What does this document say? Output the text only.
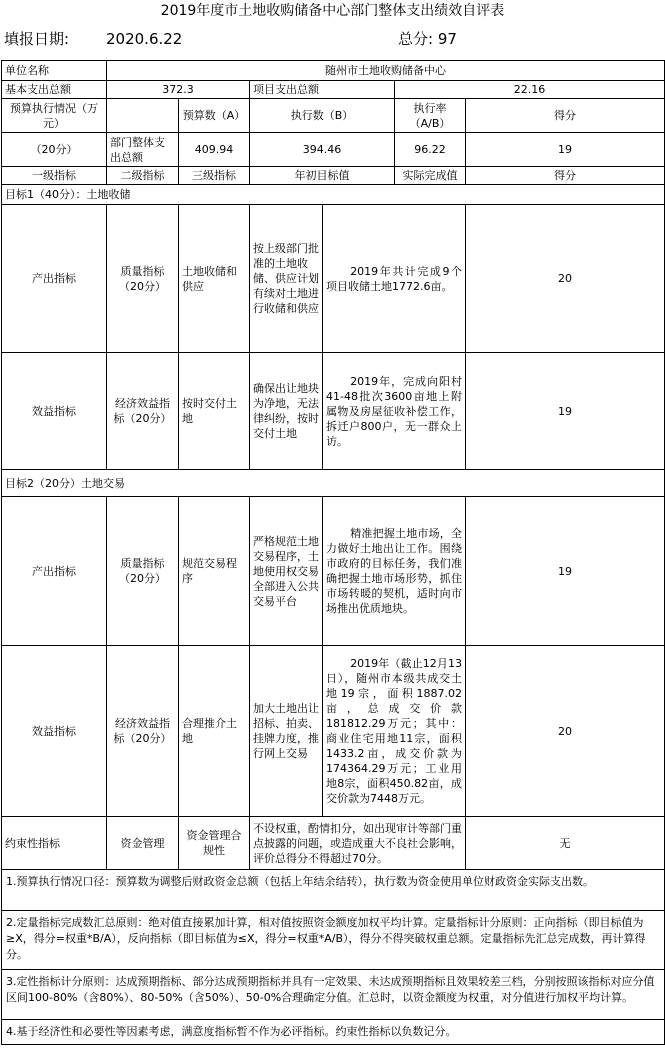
2019年度市土地收购储备中心部门整体支出绩效自评表
填报日期: 2020.6.22	总分: 97
单位名称	随州市土地收购储备中心					
基本支出总额	372.3		项目支出总额		22.16	
预算执行情况（万元）		预算数（A）	执行数（B）		执行率（A/B）	得分
（20分）	部门整体支出总额	409.94	394.46		96.22	19
一级指标	二级指标	三级指标	年初目标值		实际完成值	得分
目标1（40分）：土地收储						
产出指标	质量指标（20分）	土地收储和供应	按上级部门批准的土地收储、供应计划有续对土地进行收储和供应	2019年共计完成9个项目收储土地1772.6亩。		20
效益指标	经济效益指标（20分）	按时交付土地	确保出让地块为净地，无法律纠纷，按时交付土地	2019年，完成向阳村41-48批次3600亩地上附属物及房屋征收补偿工作，拆迁户800户，无一群众上访。		19
目标2（20分）土地交易						
产出指标	质量指标（20分）	规范交易程序	严格规范土地交易程序，土地使用权交易全部进入公共交易平台	精准把握土地市场，全力做好土地出让工作。围绕市政府的目标任务，我们准确把握土地市场形势，抓住市场转暖的契机，适时向市场推出优质地块。		19
效益指标	经济效益指标（20分）	合理推介土地	加大土地出让招标、拍卖、挂牌力度，推行网上交易	2019年（截止12月13日），随州市本级共成交土地19宗，面积1887.02亩，总成交价款181812.29万元；其中：商业住宅用地11宗，面积1433.2亩，成交价款为174364.29万元；工业用地8宗，面积450.82亩，成交价款为7448万元。		20
约束性指标	资金管理	资金管理合规性	不设权重，酌情扣分，如出现审计等部门重点披露的问题，或造成重大不良社会影响，评价总得分不得超过70分。			无
1.预算执行情况口径：预算数为调整后财政资金总额（包括上年结余结转），执行数为资金使用单位财政资金实际支出数。						
2.定量指标完成数汇总原则：绝对值直接累加计算，相对值按照资金额度加权平均计算。定量指标计分原则：正向指标（即目标值为≥X，得分=权重*B/A），反向指标（即目标值为≤X，得分=权重*A/B），得分不得突破权重总额。定量指标先汇总完成数，再计算得分。						
3.定性指标计分原则：达成预期指标、部分达成预期指标并具有一定效果、未达成预期指标且效果较差三档，分别按照该指标对应分值区间100-80%（含80%）、80-50%（含50%）、50-0%合理确定分值。汇总时，以资金额度为权重，对分值进行加权平均计算。						
4.基于经济性和必要性等因素考虑，满意度指标暂不作为必评指标。约束性指标以负数记分。						
